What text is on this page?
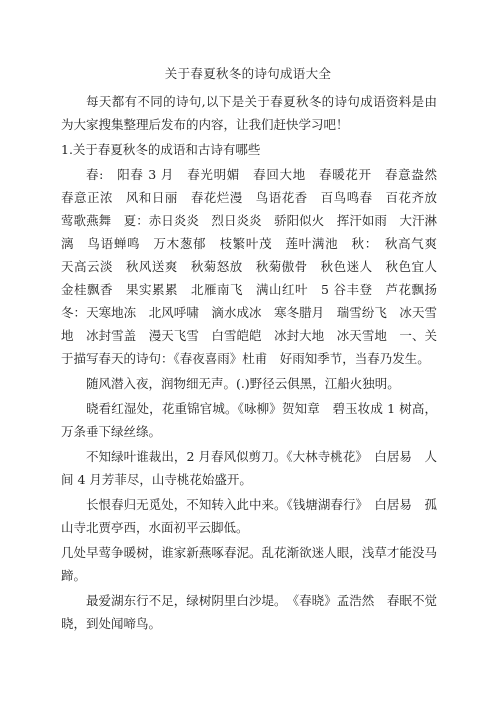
关于春夏秋冬的诗句成语大全

每天都有不同的诗句,以下是关于春夏秋冬的诗句成语资料是由为大家搜集整理后发布的内容，让我们赶快学习吧！

1.关于春夏秋冬的成语和古诗有哪些

春:　阳春 3 月　春光明媚　春回大地　春暖花开　春意盎然　春意正浓　风和日丽　春花烂漫　鸟语花香　百鸟鸣春　百花齐放　莺歌燕舞　夏：赤日炎炎　烈日炎炎　骄阳似火　挥汗如雨　大汗淋漓　鸟语蝉鸣　万木葱郁　枝繁叶茂　莲叶满池　秋：　秋高气爽　天高云淡　秋风送爽　秋菊怒放　秋菊傲骨　秋色迷人　秋色宜人　金桂飘香　果实累累　北雁南飞　满山红叶　5 谷丰登　芦花飘扬　冬：天寒地冻　北风呼啸　滴水成冰　寒冬腊月　瑞雪纷飞　冰天雪地　冰封雪盖　漫天飞雪　白雪皑皑　冰封大地　冰天雪地　一、关于描写春天的诗句：《春夜喜雨》杜甫　好雨知季节，当春乃发生。

随风潜入夜，润物细无声。(.)野径云俱黑，江船火独明。

晓看红湿处，花重锦官城。《咏柳》贺知章　碧玉妆成 1 树高，万条垂下绿丝绦。

不知绿叶谁裁出，2 月春风似剪刀。《大林寺桃花》　白居易　人间 4 月芳菲尽，山寺桃花始盛开。

长恨春归无觅处，不知转入此中来。《钱塘湖春行》　白居易　孤山寺北贾亭西，水面初平云脚低。

几处早莺争暖树，谁家新燕啄春泥。乱花渐欲迷人眼，浅草才能没马蹄。

最爱湖东行不足，绿树阴里白沙堤。　《春晓》孟浩然　春眠不觉晓，到处闻啼鸟。
